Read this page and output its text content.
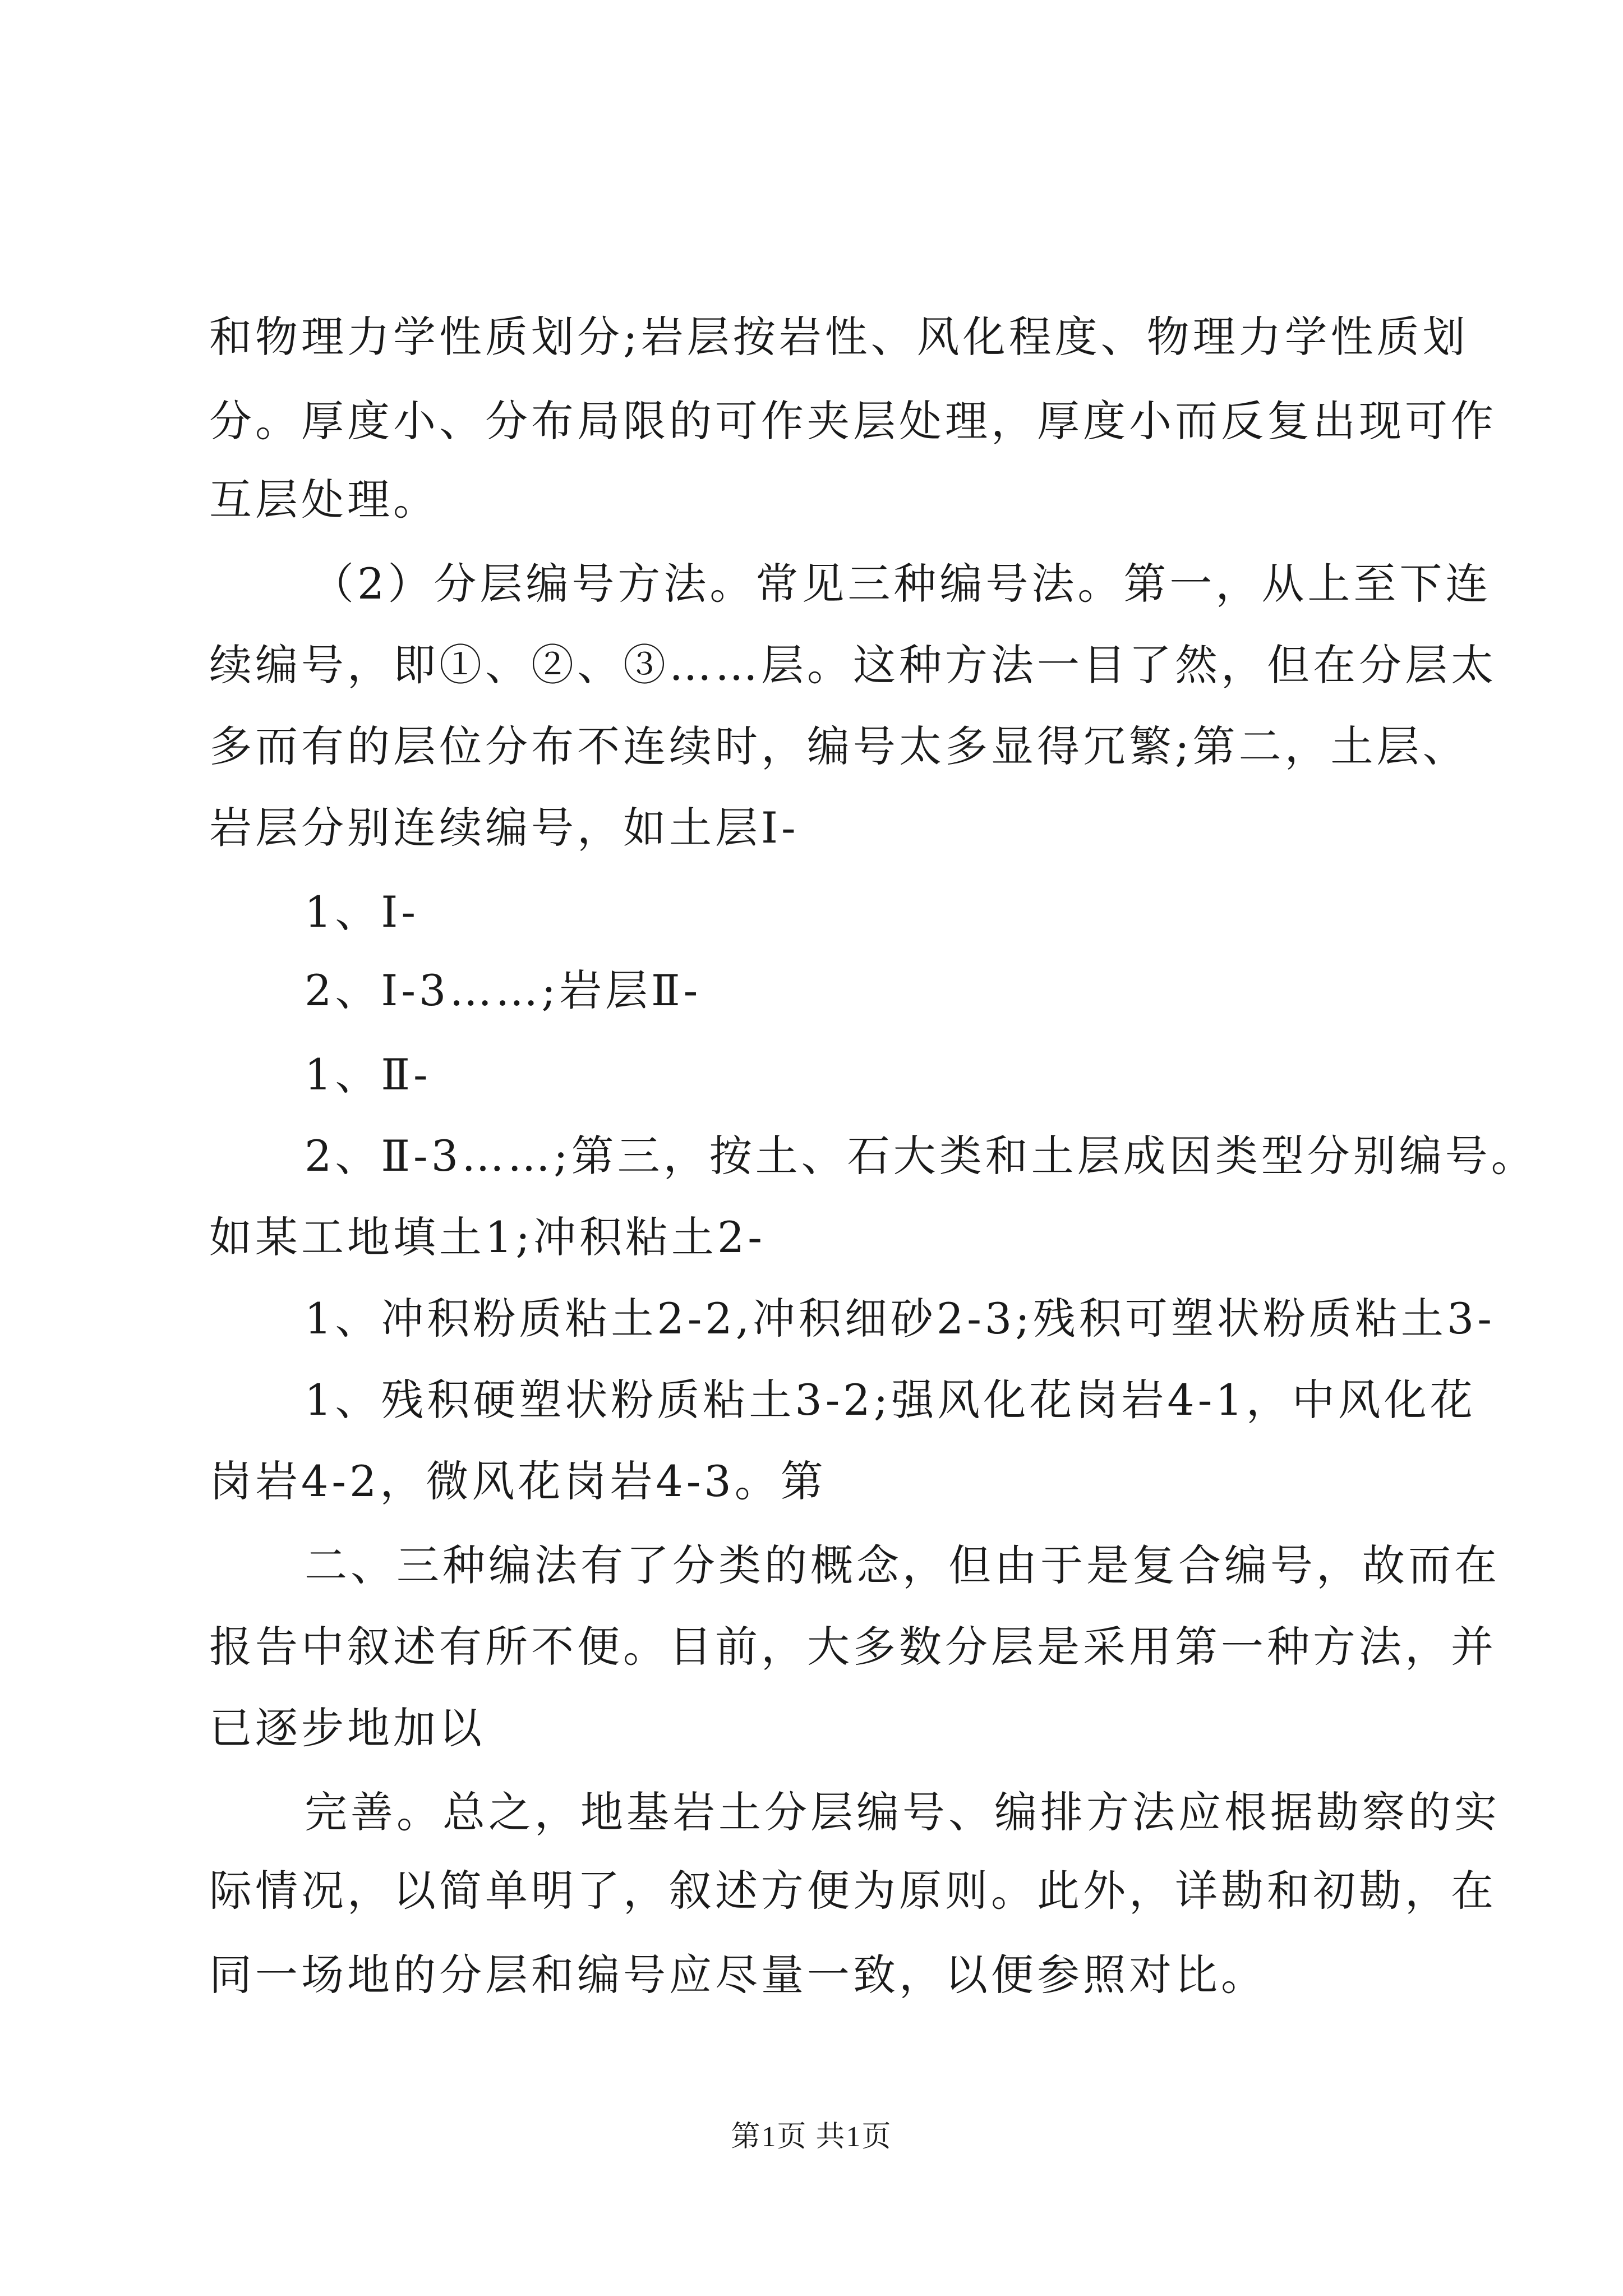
和物理力学性质划分;岩层按岩性、风化程度、物理力学性质划
分。厚度小、分布局限的可作夹层处理，厚度小而反复出现可作
互层处理。
（2）分层编号方法。常见三种编号法。第一，从上至下连
续编号，即①、②、③……层。这种方法一目了然，但在分层太
多而有的层位分布不连续时，编号太多显得冗繁;第二，土层、
岩层分别连续编号，如土层Ⅰ-
1、Ⅰ-
2、Ⅰ-3……;岩层Ⅱ-
1、Ⅱ-
2、Ⅱ-3……;第三，按土、石大类和土层成因类型分别编号。
如某工地填土1;冲积粘土2-
1、冲积粉质粘土2-2,冲积细砂2-3;残积可塑状粉质粘土3-
1、残积硬塑状粉质粘土3-2;强风化花岗岩4-1，中风化花
岗岩4-2，微风花岗岩4-3。第
二、三种编法有了分类的概念，但由于是复合编号，故而在
报告中叙述有所不便。目前，大多数分层是采用第一种方法，并
已逐步地加以
完善。总之，地基岩土分层编号、编排方法应根据勘察的实
际情况，以简单明了，叙述方便为原则。此外，详勘和初勘，在
同一场地的分层和编号应尽量一致，以便参照对比。
第1页 共1页
